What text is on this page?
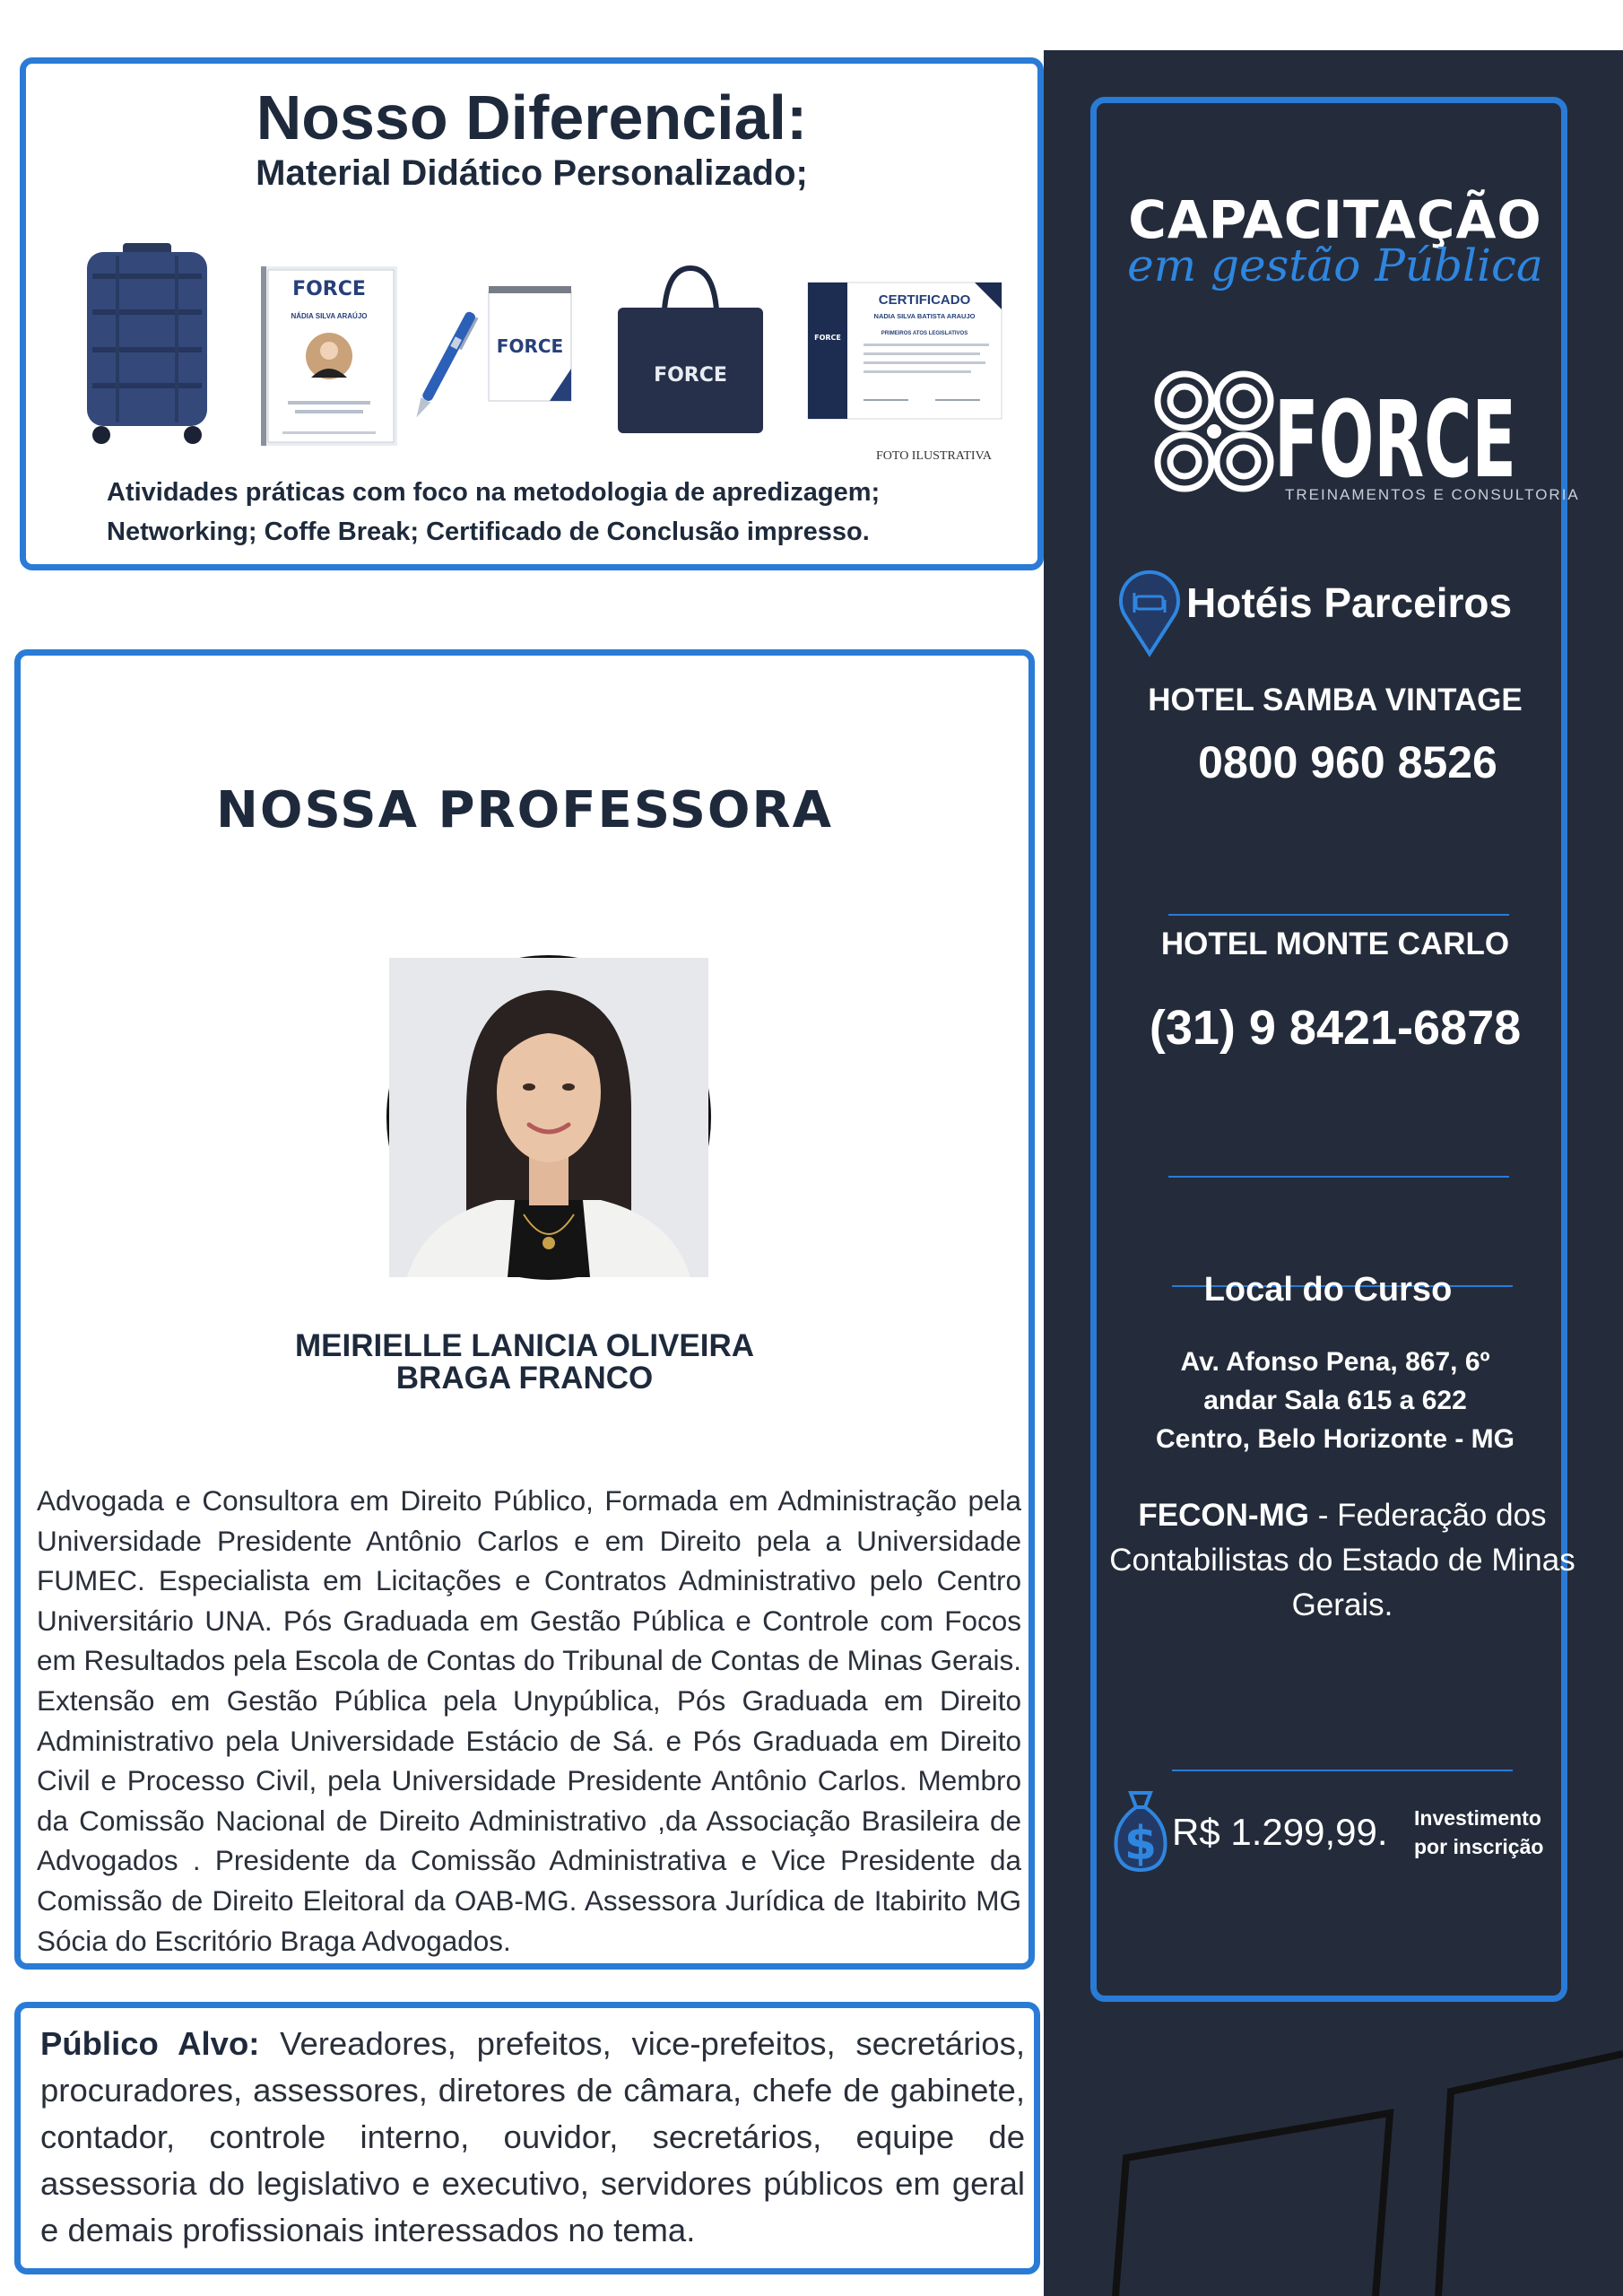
Nosso Diferencial:
Material Didático Personalizado;
FORCE
NÁDIA SILVA ARAÚJO
FORCE
FORCE
FORCE
CERTIFICADO
NADIA SILVA BATISTA ARAUJO
PRIMEIROS ATOS LEGISLATIVOS
FOTO ILUSTRATIVA
Atividades práticas com foco na metodologia de apredizagem; Networking; Coffe Break; Certificado de Conclusão impresso.
NOSSA PROFESSORA
MEIRIELLE LANICIA OLIVEIRA
BRAGA FRANCO
Advogada e Consultora em Direito Público, Formada em Administração pela Universidade Presidente Antônio Carlos e em Direito pela a Universidade FUMEC. Especialista em Licitações e Contratos Administrativo pelo Centro Universitário UNA. Pós Graduada em Gestão Pública e Controle com Focos em Resultados pela Escola de Contas do Tribunal de Contas de Minas Gerais. Extensão em Gestão Pública pela Unypública, Pós Graduada em Direito Administrativo pela Universidade Estácio de Sá. e Pós Graduada em Direito Civil e Processo Civil, pela Universidade Presidente Antônio Carlos. Membro da Comissão Nacional de Direito Administrativo ,da Associação Brasileira de Advogados . Presidente da Comissão Administrativa e Vice Presidente da Comissão de Direito Eleitoral da OAB-MG. Assessora Jurídica de Itabirito MG Sócia do Escritório Braga Advogados.
Público Alvo: Vereadores, prefeitos, vice-prefeitos, secretários, procuradores, assessores, diretores de câmara, chefe de gabinete, contador, controle interno, ouvidor, secretários, equipe de assessoria do legislativo e executivo, servidores públicos em geral e demais profissionais interessados no tema.
CAPACITAÇÃO
em gestão Pública
FORCE
TREINAMENTOS E CONSULTORIA
Hotéis Parceiros
HOTEL SAMBA VINTAGE
0800 960 8526
HOTEL MONTE CARLO
(31) 9 8421-6878
Local do Curso
Av. Afonso Pena, 867, 6º
andar Sala 615 a 622
Centro, Belo Horizonte - MG
FECON-MG - Federação dos Contabilistas do Estado de Minas Gerais.
$ R$ 1.299,99. Investimento
por inscrição
